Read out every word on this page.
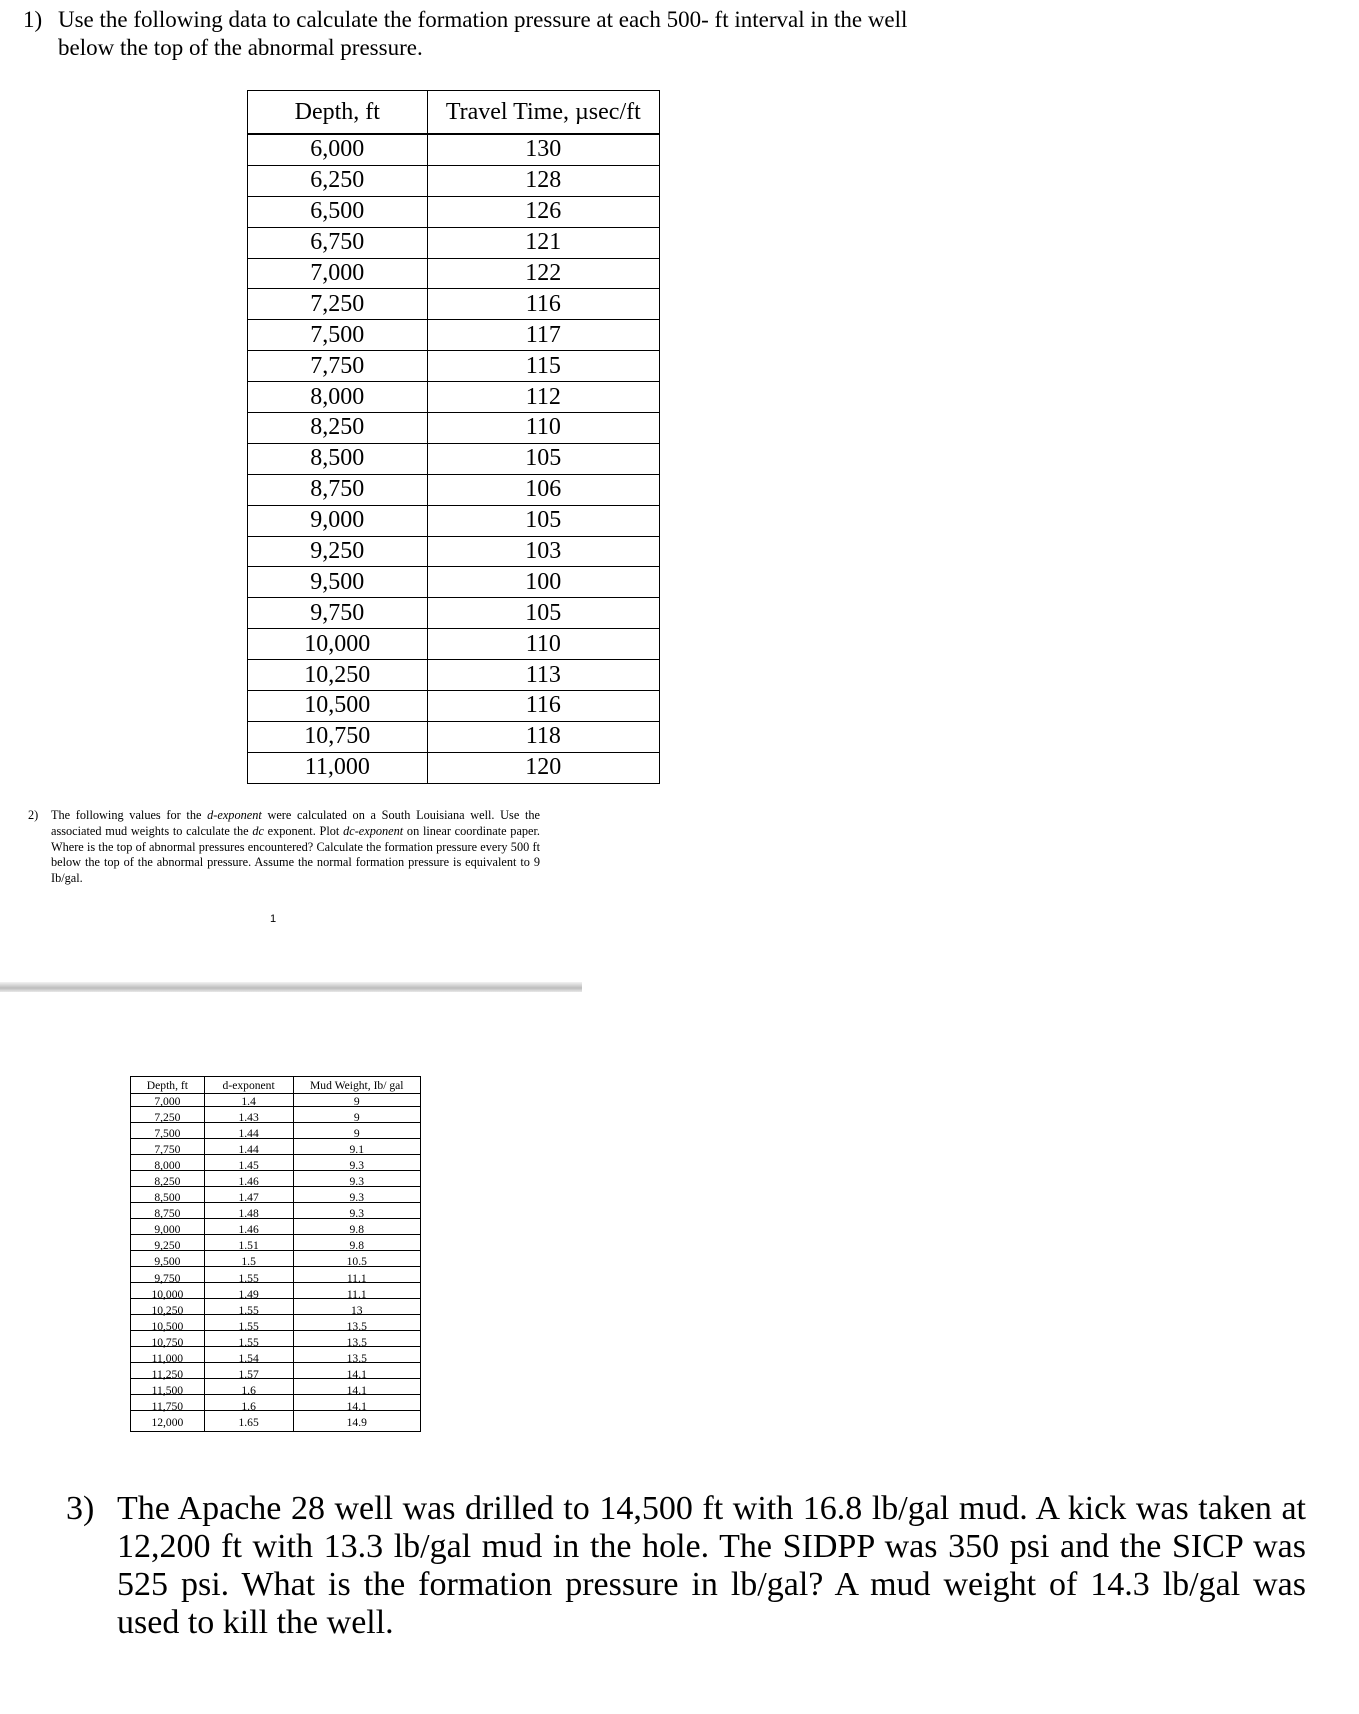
1) Use the following data to calculate the formation pressure at each 500- ft interval in the well below the top of the abnormal pressure.
Depth, ft	Travel Time, µsec/ft
6,000	130
6,250	128
6,500	126
6,750	121
7,000	122
7,250	116
7,500	117
7,750	115
8,000	112
8,250	110
8,500	105
8,750	106
9,000	105
9,250	103
9,500	100
9,750	105
10,000	110
10,250	113
10,500	116
10,750	118
11,000	120
2) The following values for the d-exponent were calculated on a South Louisiana well. Use the associated mud weights to calculate the dc exponent. Plot dc-exponent on linear coordinate paper. Where is the top of abnormal pressures encountered? Calculate the formation pressure every 500 ft below the top of the abnormal pressure. Assume the normal formation pressure is equivalent to 9 Ib/gal.
1
Depth, ft	d-exponent	Mud Weight, Ib/ gal
7,000	1.4	9
7,250	1.43	9
7,500	1.44	9
7,750	1.44	9.1
8,000	1.45	9.3
8,250	1.46	9.3
8,500	1.47	9.3
8,750	1.48	9.3
9,000	1.46	9.8
9,250	1.51	9.8
9,500	1.5	10.5
9,750	1.55	11.1
10,000	1.49	11.1
10,250	1.55	13
10,500	1.55	13.5
10,750	1.55	13.5
11,000	1.54	13.5
11,250	1.57	14.1
11,500	1.6	14.1
11,750	1.6	14.1
12,000	1.65	14.9
3) The Apache 28 well was drilled to 14,500 ft with 16.8 lb/gal mud. A kick was taken at 12,200 ft with 13.3 lb/gal mud in the hole. The SIDPP was 350 psi and the SICP was 525 psi. What is the formation pressure in lb/gal? A mud weight of 14.3 lb/gal was used to kill the well.
